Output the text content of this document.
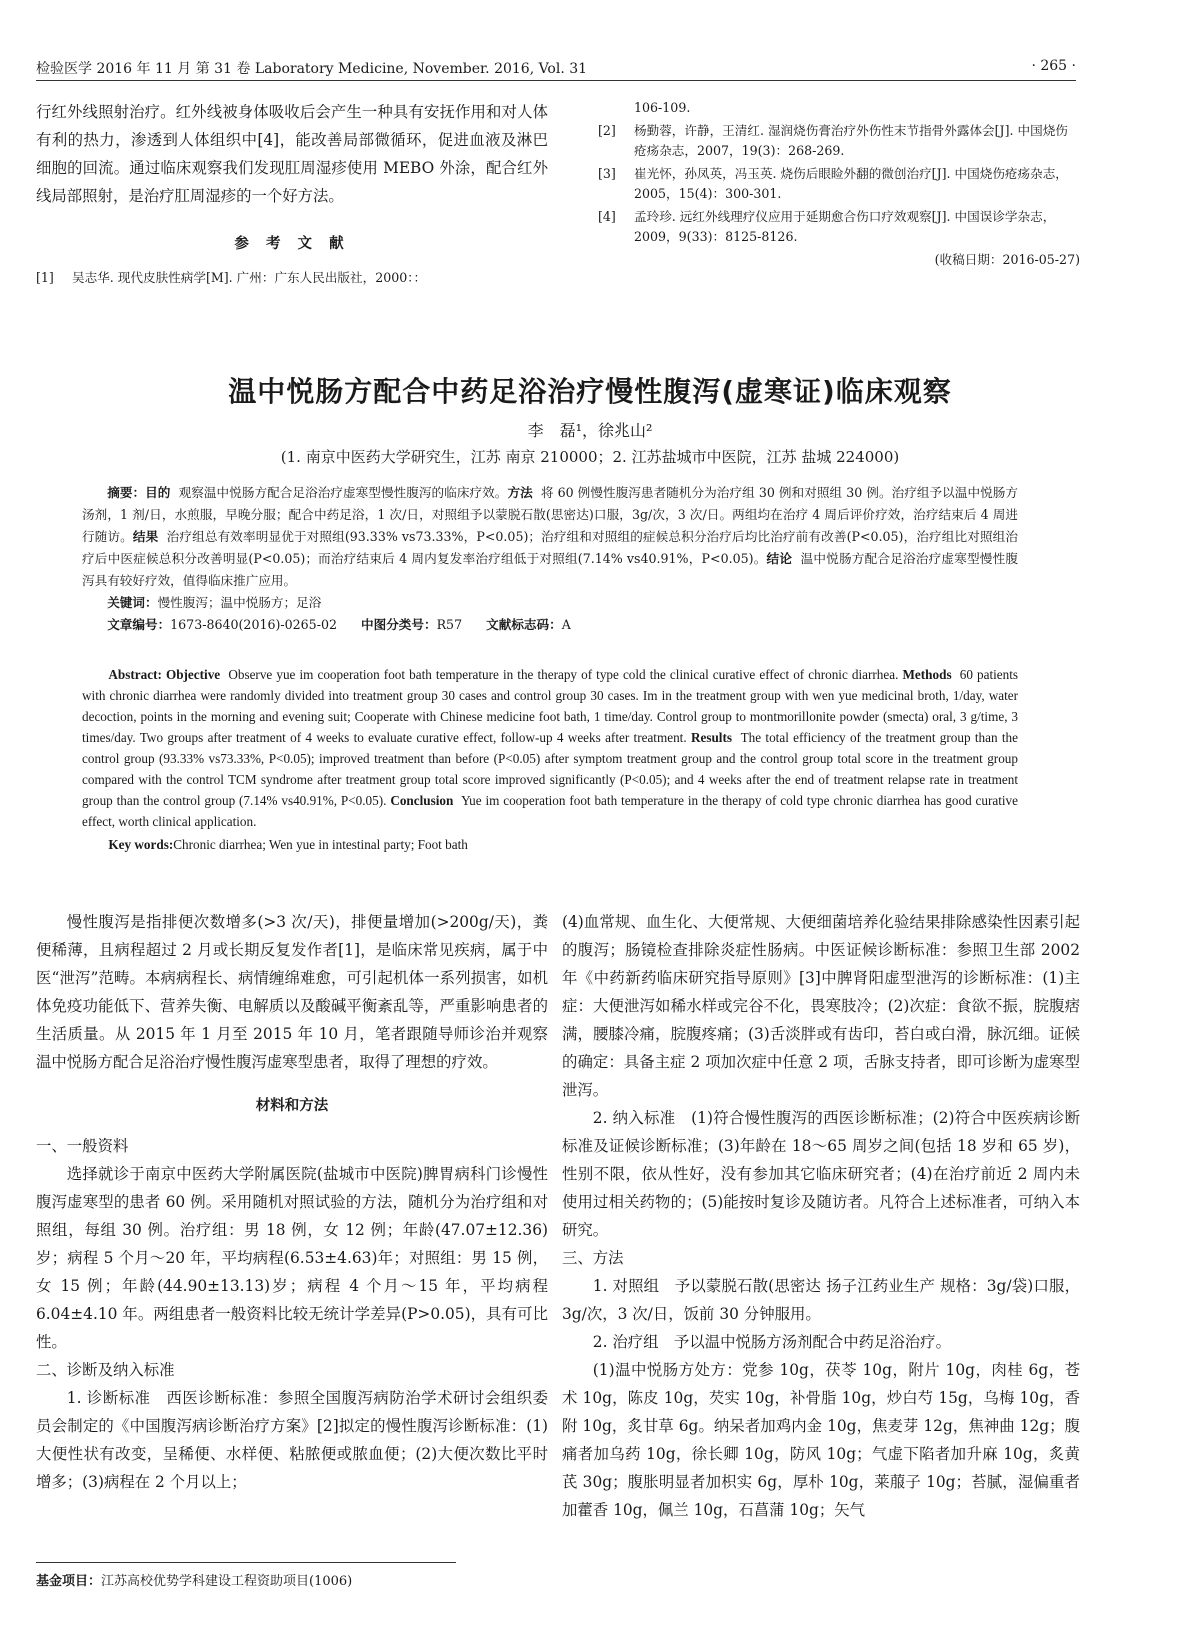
检验医学 2016 年 11 月 第 31 卷 Laboratory Medicine, November. 2016, Vol. 31	· 265 ·

行红外线照射治疗。红外线被身体吸收后会产生一种具有安抚作用和对人体有利的热力，渗透到人体组织中[4]，能改善局部微循环，促进血液及淋巴细胞的回流。通过临床观察我们发现肛周湿疹使用 MEBO 外涂，配合红外线局部照射，是治疗肛周湿疹的一个好方法。

参 考 文 献
[1] 吴志华. 现代皮肤性病学[M]. 广州：广东人民出版社，2000：：
106-109.
[2] 杨勤蓉，许静，王清红. 湿润烧伤膏治疗外伤性末节指骨外露体会[J]. 中国烧伤疮疡杂志，2007，19(3)：268-269.
[3] 崔光怀，孙凤英，冯玉英. 烧伤后眼睑外翻的微创治疗[J]. 中国烧伤疮疡杂志，2005，15(4)：300-301.
[4] 孟玲珍. 远红外线理疗仪应用于延期愈合伤口疗效观察[J]. 中国误诊学杂志，2009，9(33)：8125-8126.
(收稿日期：2016-05-27)
温中悦肠方配合中药足浴治疗慢性腹泻(虚寒证)临床观察
李　磊¹，徐兆山²
(1. 南京中医药大学研究生，江苏 南京 210000；2. 江苏盐城市中医院，江苏 盐城 224000)

摘要：目的 观察温中悦肠方配合足浴治疗虚寒型慢性腹泻的临床疗效。方法 将 60 例慢性腹泻患者随机分为治疗组 30 例和对照组 30 例。治疗组予以温中悦肠方汤剂，1 剂/日，水煎服，早晚分服；配合中药足浴，1 次/日，对照组予以蒙脱石散(思密达)口服，3g/次，3 次/日。两组均在治疗 4 周后评价疗效，治疗结束后 4 周进行随访。结果 治疗组总有效率明显优于对照组(93.33% vs73.33%，P<0.05)；治疗组和对照组的症候总积分治疗后均比治疗前有改善(P<0.05)，治疗组比对照组治疗后中医症候总积分改善明显(P<0.05)；而治疗结束后 4 周内复发率治疗组低于对照组(7.14% vs40.91%，P<0.05)。结论 温中悦肠方配合足浴治疗虚寒型慢性腹泻具有较好疗效，值得临床推广应用。

关键词：慢性腹泻；温中悦肠方；足浴

文章编号：1673-8640(2016)-0265-02 中图分类号：R57 文献标志码：A

Abstract: Objective Observe yue im cooperation foot bath temperature in the therapy of type cold the clinical curative effect of chronic diarrhea. Methods 60 patients with chronic diarrhea were randomly divided into treatment group 30 cases and control group 30 cases. Im in the treatment group with wen yue medicinal broth, 1/day, water decoction, points in the morning and evening suit; Cooperate with Chinese medicine foot bath, 1 time/day. Control group to montmorillonite powder (smecta) oral, 3 g/time, 3 times/day. Two groups after treatment of 4 weeks to evaluate curative effect, follow-up 4 weeks after treatment. Results The total efficiency of the treatment group than the control group (93.33% vs73.33%, P<0.05); improved treatment than before (P<0.05) after symptom treatment group and the control group total score in the treatment group compared with the control TCM syndrome after treatment group total score improved significantly (P<0.05); and 4 weeks after the end of treatment relapse rate in treatment group than the control group (7.14% vs40.91%, P<0.05). Conclusion Yue im cooperation foot bath temperature in the therapy of cold type chronic diarrhea has good curative effect, worth clinical application.

Key words:Chronic diarrhea; Wen yue in intestinal party; Foot bath

慢性腹泻是指排便次数增多(>3 次/天)，排便量增加(>200g/天)，粪便稀薄，且病程超过 2 月或长期反复发作者[1]，是临床常见疾病，属于中医“泄泻”范畴。本病病程长、病情缠绵难愈，可引起机体一系列损害，如机体免疫功能低下、营养失衡、电解质以及酸碱平衡紊乱等，严重影响患者的生活质量。从 2015 年 1 月至 2015 年 10 月，笔者跟随导师诊治并观察温中悦肠方配合足浴治疗慢性腹泻虚寒型患者，取得了理想的疗效。

材料和方法

一、一般资料

选择就诊于南京中医药大学附属医院(盐城市中医院)脾胃病科门诊慢性腹泻虚寒型的患者 60 例。采用随机对照试验的方法，随机分为治疗组和对照组，每组 30 例。治疗组：男 18 例，女 12 例；年龄(47.07±12.36)岁；病程 5 个月～20 年，平均病程(6.53±4.63)年；对照组：男 15 例，女 15 例；年龄(44.90±13.13)岁；病程 4 个月～15 年，平均病程 6.04±4.10 年。两组患者一般资料比较无统计学差异(P>0.05)，具有可比性。

二、诊断及纳入标准

1. 诊断标准　西医诊断标准：参照全国腹泻病防治学术研讨会组织委员会制定的《中国腹泻病诊断治疗方案》[2]拟定的慢性腹泻诊断标准：(1)大便性状有改变，呈稀便、水样便、粘脓便或脓血便；(2)大便次数比平时增多；(3)病程在 2 个月以上；

(4)血常规、血生化、大便常规、大便细菌培养化验结果排除感染性因素引起的腹泻；肠镜检查排除炎症性肠病。中医证候诊断标准：参照卫生部 2002 年《中药新药临床研究指导原则》[3]中脾肾阳虚型泄泻的诊断标准：(1)主症：大便泄泻如稀水样或完谷不化，畏寒肢冷；(2)次症：食欲不振，脘腹痞满，腰膝冷痛，脘腹疼痛；(3)舌淡胖或有齿印，苔白或白滑，脉沉细。证候的确定：具备主症 2 项加次症中任意 2 项，舌脉支持者，即可诊断为虚寒型泄泻。

2. 纳入标准　(1)符合慢性腹泻的西医诊断标准；(2)符合中医疾病诊断标准及证候诊断标准；(3)年龄在 18～65 周岁之间(包括 18 岁和 65 岁)，性别不限，依从性好，没有参加其它临床研究者；(4)在治疗前近 2 周内未使用过相关药物的；(5)能按时复诊及随访者。凡符合上述标准者，可纳入本研究。

三、方法

1. 对照组　予以蒙脱石散(思密达 扬子江药业生产 规格：3g/袋)口服，3g/次，3 次/日，饭前 30 分钟服用。

2. 治疗组　予以温中悦肠方汤剂配合中药足浴治疗。

(1)温中悦肠方处方：党参 10g，茯苓 10g，附片 10g，肉桂 6g，苍术 10g，陈皮 10g，芡实 10g，补骨脂 10g，炒白芍 15g，乌梅 10g，香附 10g，炙甘草 6g。纳呆者加鸡内金 10g，焦麦芽 12g，焦神曲 12g；腹痛者加乌药 10g，徐长卿 10g，防风 10g；气虚下陷者加升麻 10g，炙黄芪 30g；腹胀明显者加枳实 6g，厚朴 10g，莱菔子 10g；苔腻，湿偏重者加藿香 10g，佩兰 10g，石菖蒲 10g；矢气

基金项目：江苏高校优势学科建设工程资助项目(1006)
